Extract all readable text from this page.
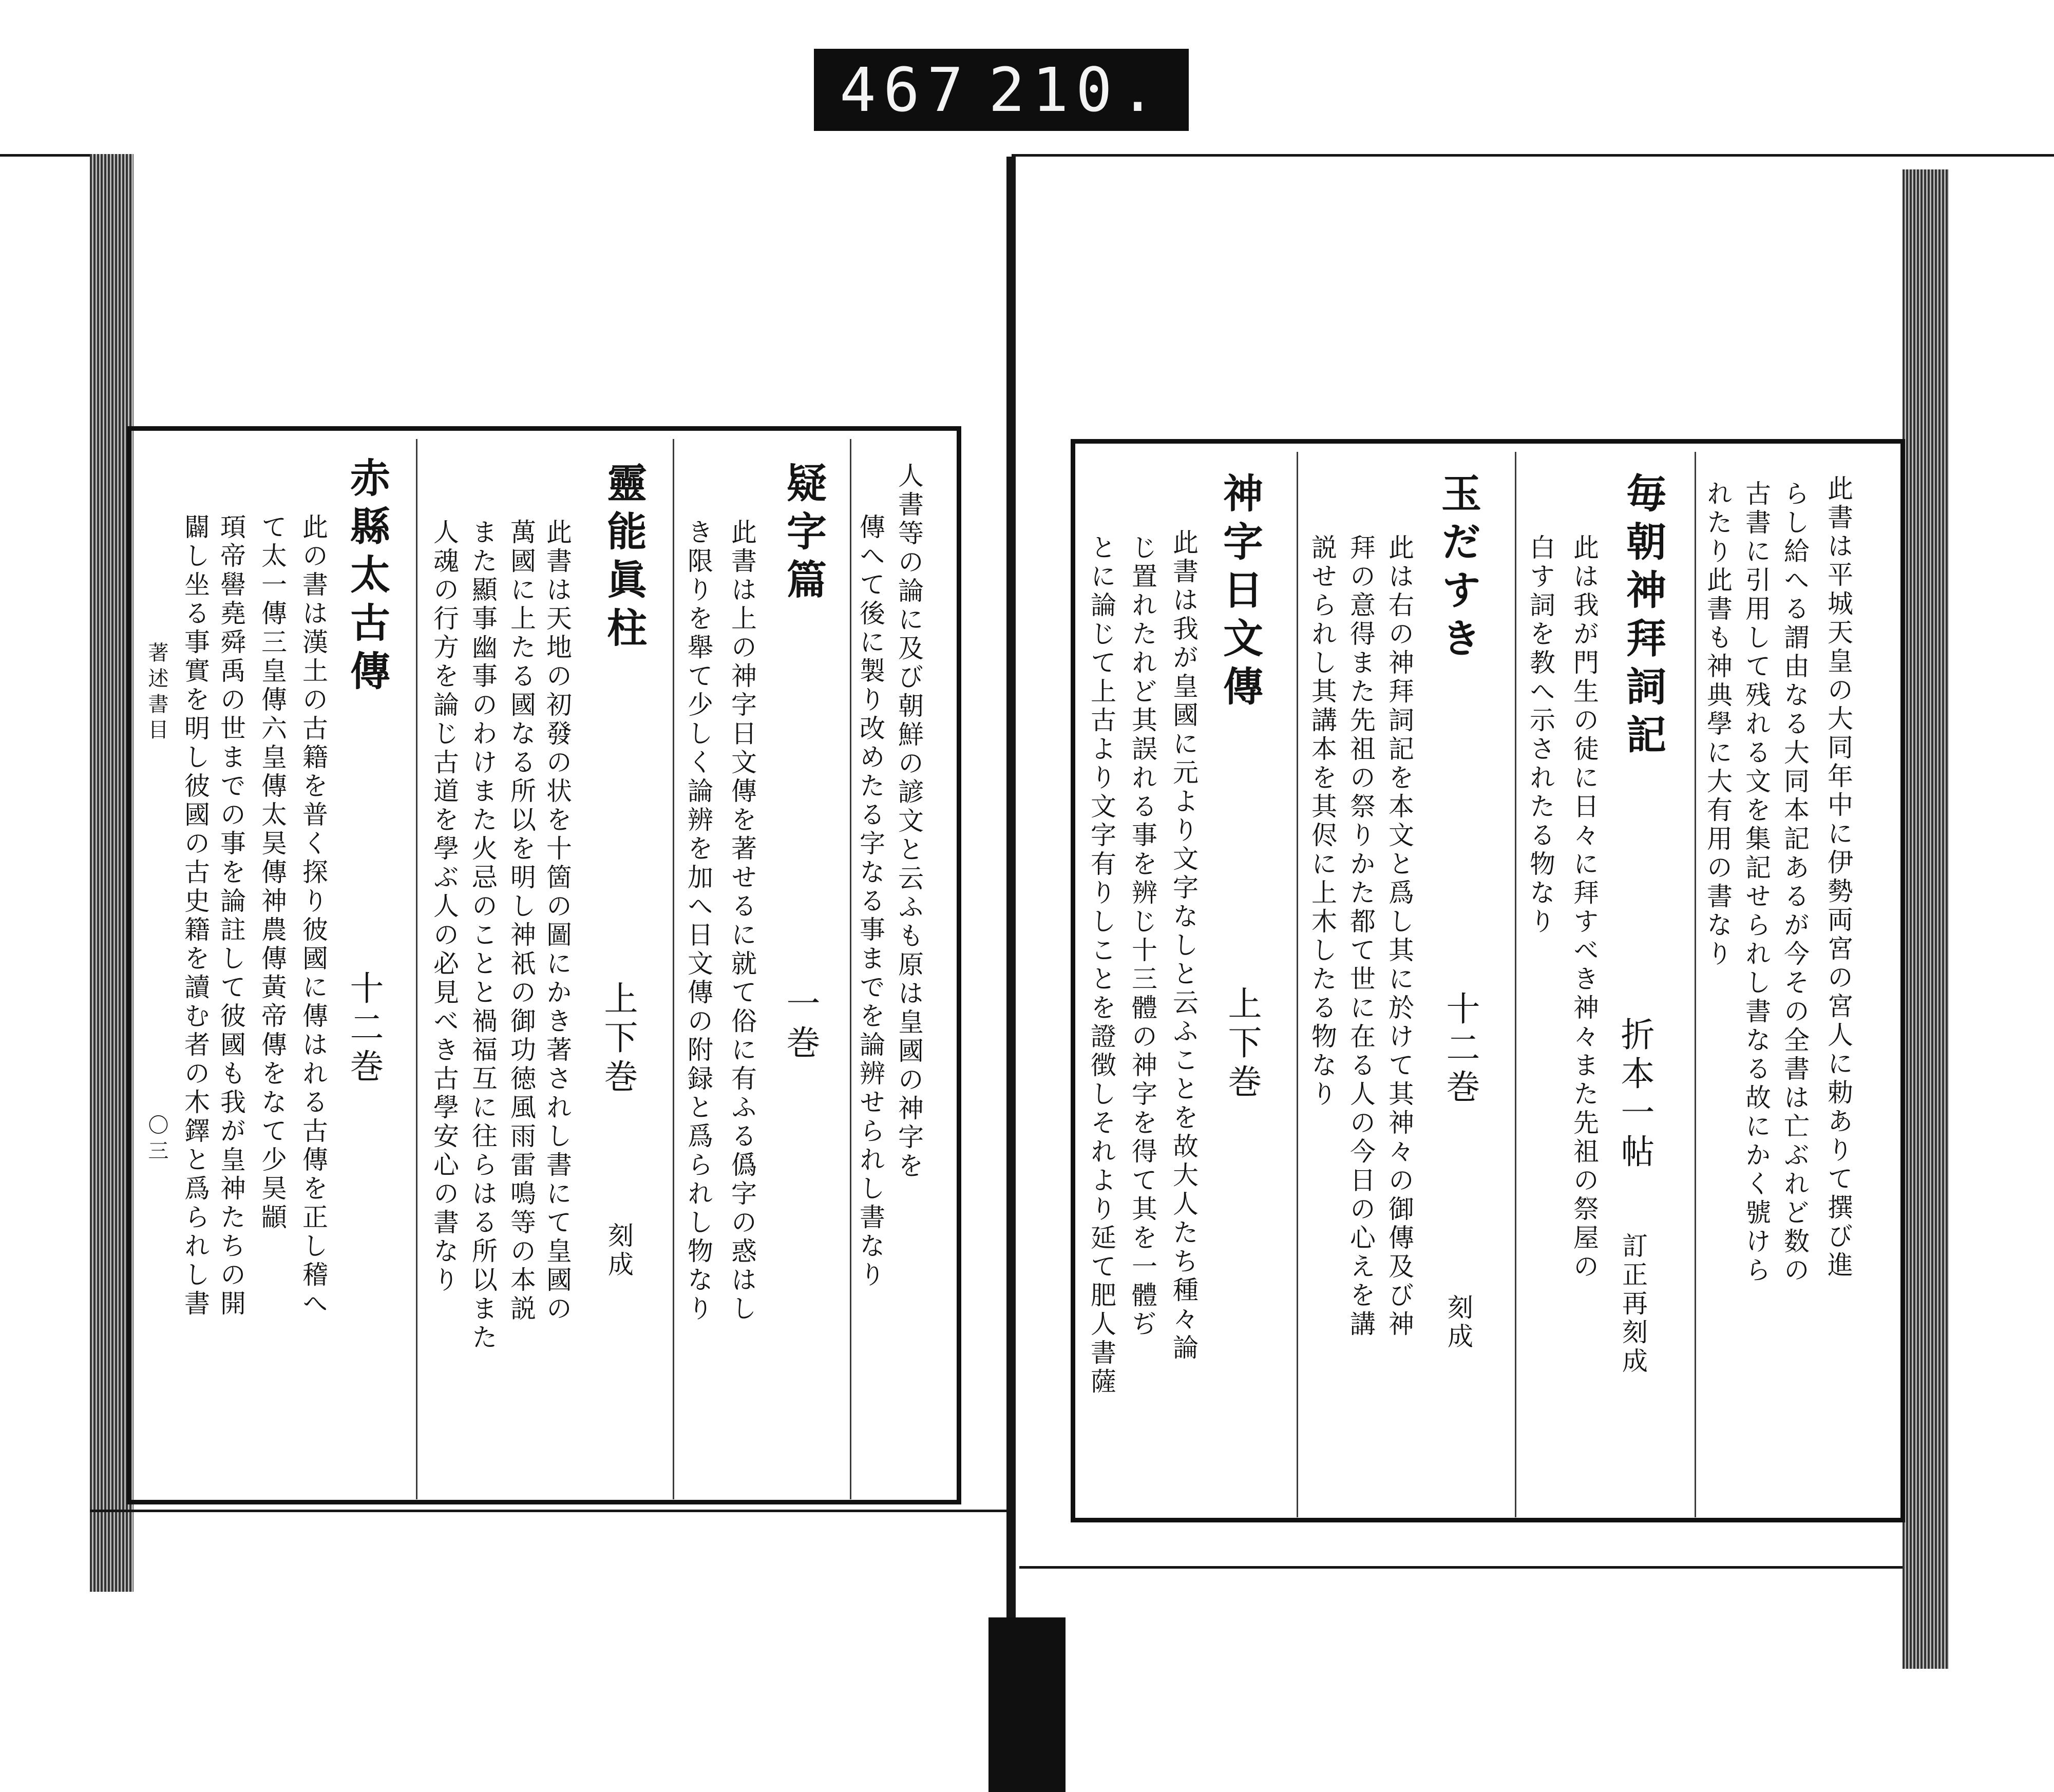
467 210.
此書は平城天皇の大同年中に伊勢両宮の宮人に勅ありて撰び進
らし給へる謂由なる大同本記あるが今その全書は亡ぶれど数の
古書に引用して残れる文を集記せられし書なる故にかく號けら
れたり此書も神典學に大有用の書なり
毎朝神拜詞記
折本一帖
訂正再刻成
此は我が門生の徒に日々に拜すべき神々また先祖の祭屋の
白す詞を教へ示されたる物なり
玉だすき
十二巻
刻成
此は右の神拜詞記を本文と爲し其に於けて其神々の御傳及び神
拜の意得また先祖の祭りかた都て世に在る人の今日の心えを講
説せられし其講本を其侭に上木したる物なり
神字日文傳
上下巻
此書は我が皇國に元より文字なしと云ふことを故大人たち種々論
じ置れたれど其誤れる事を辨じ十三體の神字を得て其を一體ぢ
とに論じて上古より文字有りしことを證徴しそれより延て肥人書薩
人書等の論に及び朝鮮の諺文と云ふも原は皇國の神字を
傳へて後に製り改めたる字なる事までを論辨せられし書なり
疑字篇
一巻
此書は上の神字日文傳を著せるに就て俗に有ふる僞字の惑はし
き限りを舉て少しく論辨を加へ日文傳の附録と爲られし物なり
靈能眞柱
上下巻
刻成
此書は天地の初發の状を十箇の圖にかき著されし書にて皇國の
萬國に上たる國なる所以を明し神祇の御功徳風雨雷鳴等の本説
また顯事幽事のわけまた火忌のことと禍福互に往らはる所以また
人魂の行方を論じ古道を學ぶ人の必見べき古學安心の書なり
赤縣太古傳
十二巻
此の書は漢土の古籍を普く探り彼國に傳はれる古傳を正し稽へ
て太一傳三皇傳六皇傳太昊傳神農傳黃帝傳をなて少昊顓
頊帝嚳堯舜禹の世までの事を論註して彼國も我が皇神たちの開
闢し坐る事實を明し彼國の古史籍を讀む者の木鐸と爲られし書
著述書目
〇三
